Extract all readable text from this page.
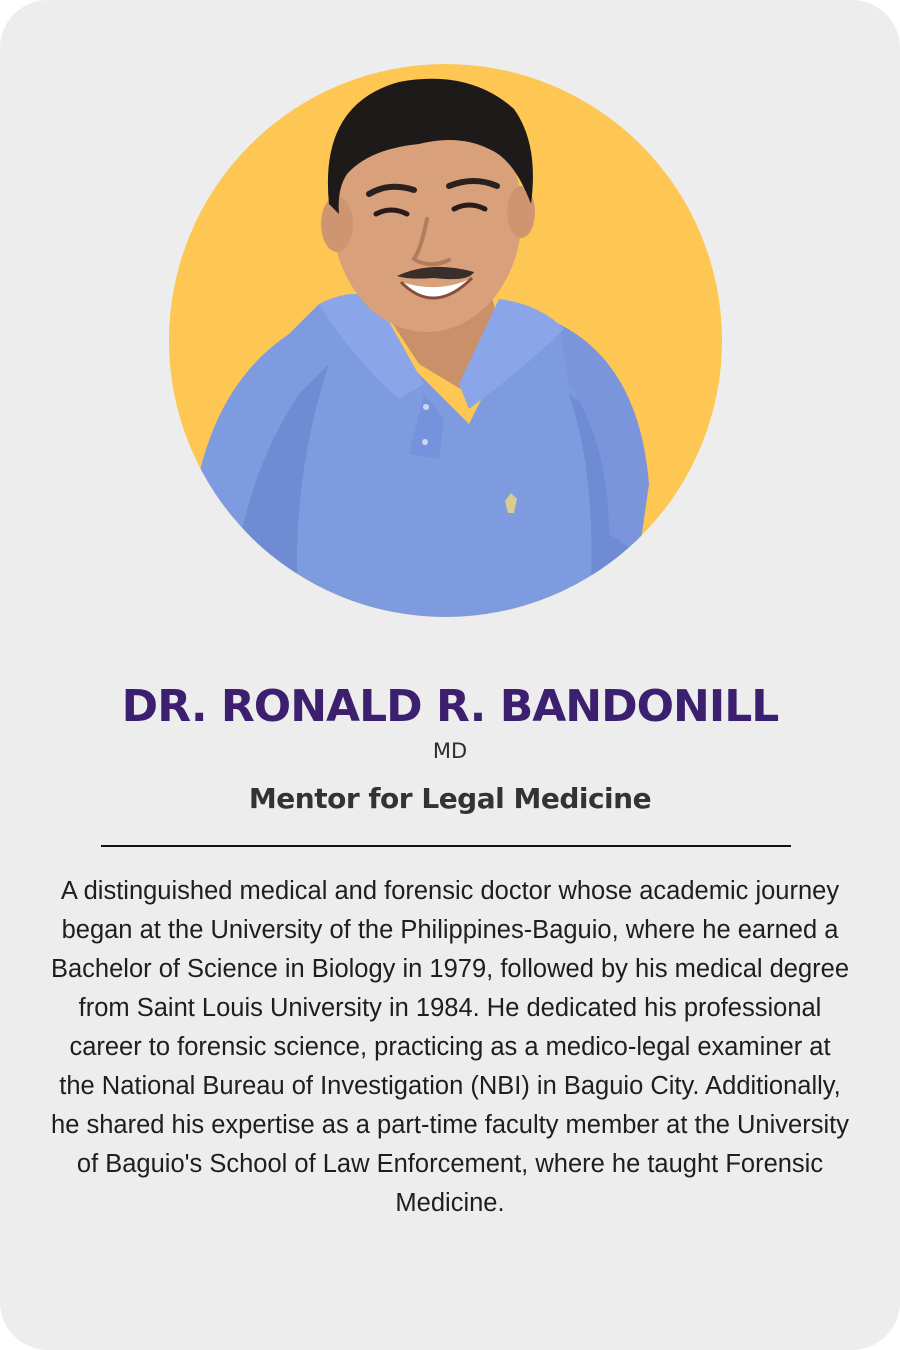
DR. RONALD R. BANDONILL
MD
Mentor for Legal Medicine

A distinguished medical and forensic doctor whose academic journey began at the University of the Philippines-Baguio, where he earned a Bachelor of Science in Biology in 1979, followed by his medical degree from Saint Louis University in 1984. He dedicated his professional career to forensic science, practicing as a medico-legal examiner at the National Bureau of Investigation (NBI) in Baguio City. Additionally, he shared his expertise as a part-time faculty member at the University of Baguio's School of Law Enforcement, where he taught Forensic Medicine.
